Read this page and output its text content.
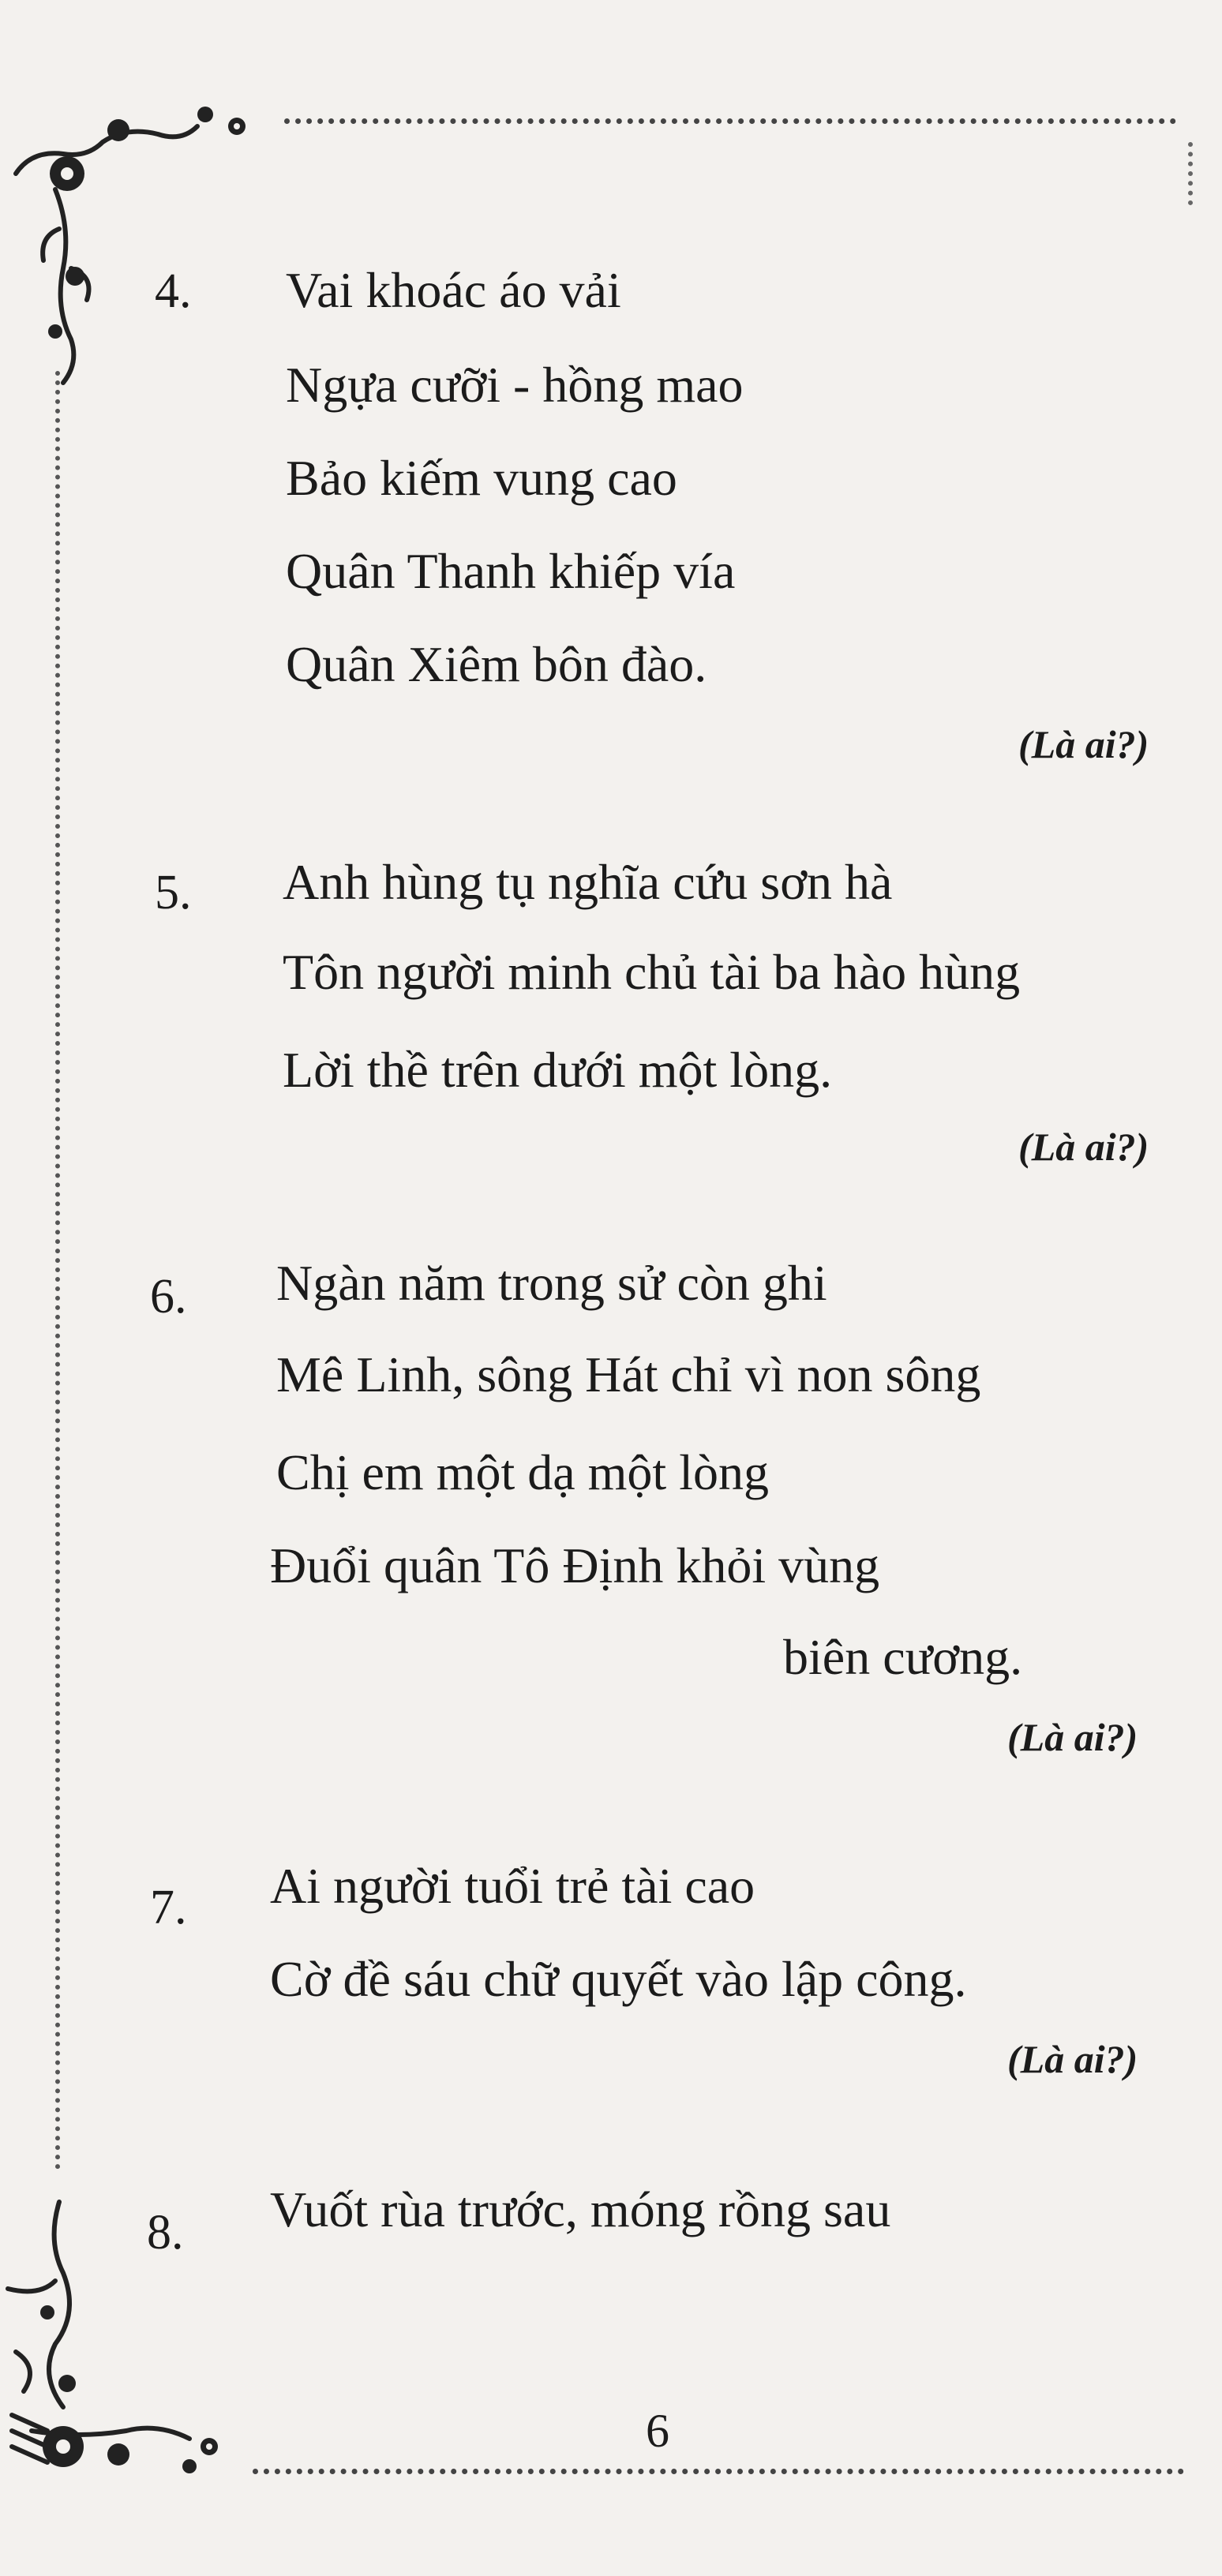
4. Vai khoác áo vải
Ngựa cưỡi - hồng mao
Bảo kiếm vung cao
Quân Thanh khiếp vía
Quân Xiêm bôn đào.
(Là ai?)
5. Anh hùng tụ nghĩa cứu sơn hà
Tôn người minh chủ tài ba hào hùng
Lời thề trên dưới một lòng.
(Là ai?)
6. Ngàn năm trong sử còn ghi
Mê Linh, sông Hát chỉ vì non sông
Chị em một dạ một lòng
Đuổi quân Tô Định khỏi vùng
biên cương.
(Là ai?)
7. Ai người tuổi trẻ tài cao
Cờ đề sáu chữ quyết vào lập công.
(Là ai?)
8. Vuốt rùa trước, móng rồng sau
6
